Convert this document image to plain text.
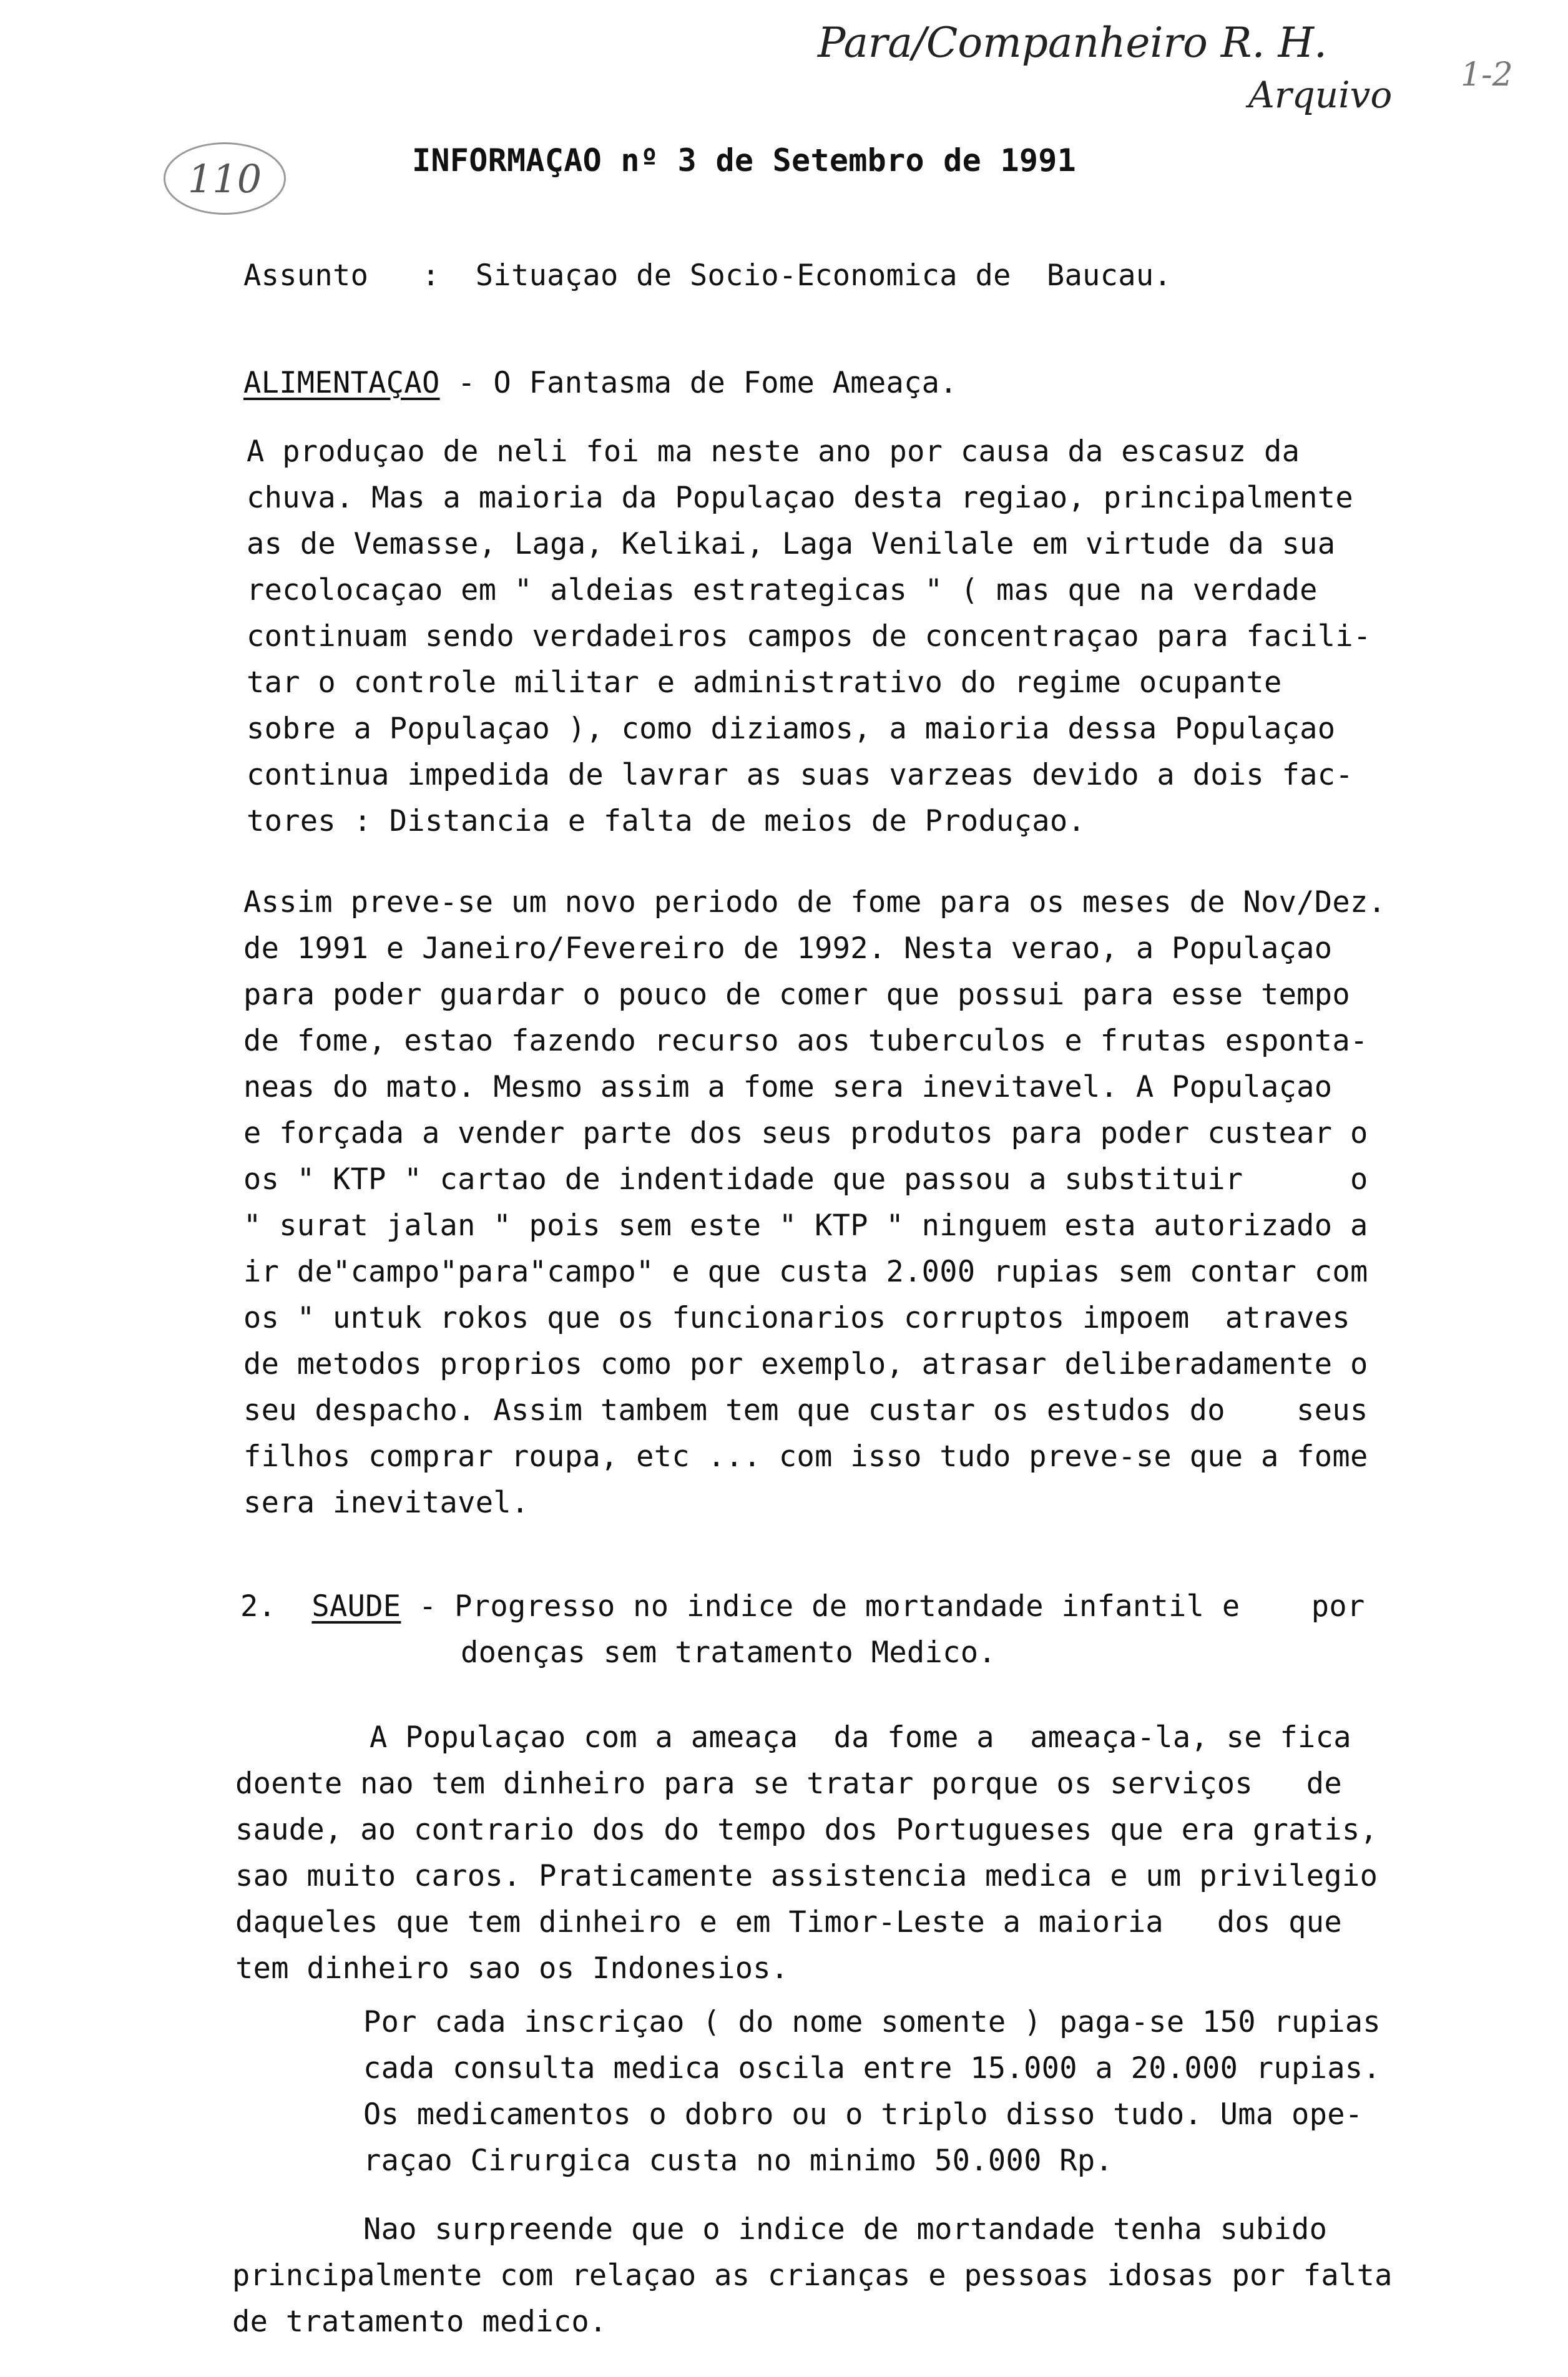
Para/Companheiro R. H.
Arquivo 1-2
110	INFORMAÇAO nº 3 de Setembro de 1991
Assunto :  Situaçao de Socio-Economica de  Baucau.
ALIMENTAÇAO - O Fantasma de Fome Ameaça.
A produçao de neli foi ma neste ano por causa da escasuz da
chuva. Mas a maioria da Populaçao desta regiao, principalmente
as de Vemasse, Laga, Kelikai, Laga Venilale em virtude da sua
recolocaçao em " aldeias estrategicas " ( mas que na verdade
continuam sendo verdadeiros campos de concentraçao para facili-
tar o controle militar e administrativo do regime ocupante
sobre a Populaçao ), como diziamos, a maioria dessa Populaçao
continua impedida de lavrar as suas varzeas devido a dois fac-
tores : Distancia e falta de meios de Produçao.
Assim preve-se um novo periodo de fome para os meses de Nov/Dez.
de 1991 e Janeiro/Fevereiro de 1992. Nesta verao, a Populaçao
para poder guardar o pouco de comer que possui para esse tempo
de fome, estao fazendo recurso aos tuberculos e frutas esponta-
neas do mato. Mesmo assim a fome sera inevitavel. A Populaçao
e forçada a vender parte dos seus produtos para poder custear o
os " KTP " cartao de indentidade que passou a substituir      o
" surat jalan " pois sem este " KTP " ninguem esta autorizado a
ir de"campo"para"campo" e que custa 2.000 rupias sem contar com
os " untuk rokos que os funcionarios corruptos impoem  atraves
de metodos proprios como por exemplo, atrasar deliberadamente o
seu despacho. Assim tambem tem que custar os estudos do    seus
filhos comprar roupa, etc ... com isso tudo preve-se que a fome
sera inevitavel.
2. SAUDE - Progresso no indice de mortandade infantil e    por
doenças sem tratamento Medico.
A Populaçao com a ameaça  da fome a  ameaça-la, se fica
doente nao tem dinheiro para se tratar porque os serviços   de
saude, ao contrario dos do tempo dos Portugueses que era gratis,
sao muito caros. Praticamente assistencia medica e um privilegio
daqueles que tem dinheiro e em Timor-Leste a maioria   dos que
tem dinheiro sao os Indonesios.
Por cada inscriçao ( do nome somente ) paga-se 150 rupias
cada consulta medica oscila entre 15.000 a 20.000 rupias.
Os medicamentos o dobro ou o triplo disso tudo. Uma ope-
raçao Cirurgica custa no minimo 50.000 Rp.
Nao surpreende que o indice de mortandade tenha subido
principalmente com relaçao as crianças e pessoas idosas por falta
de tratamento medico.
